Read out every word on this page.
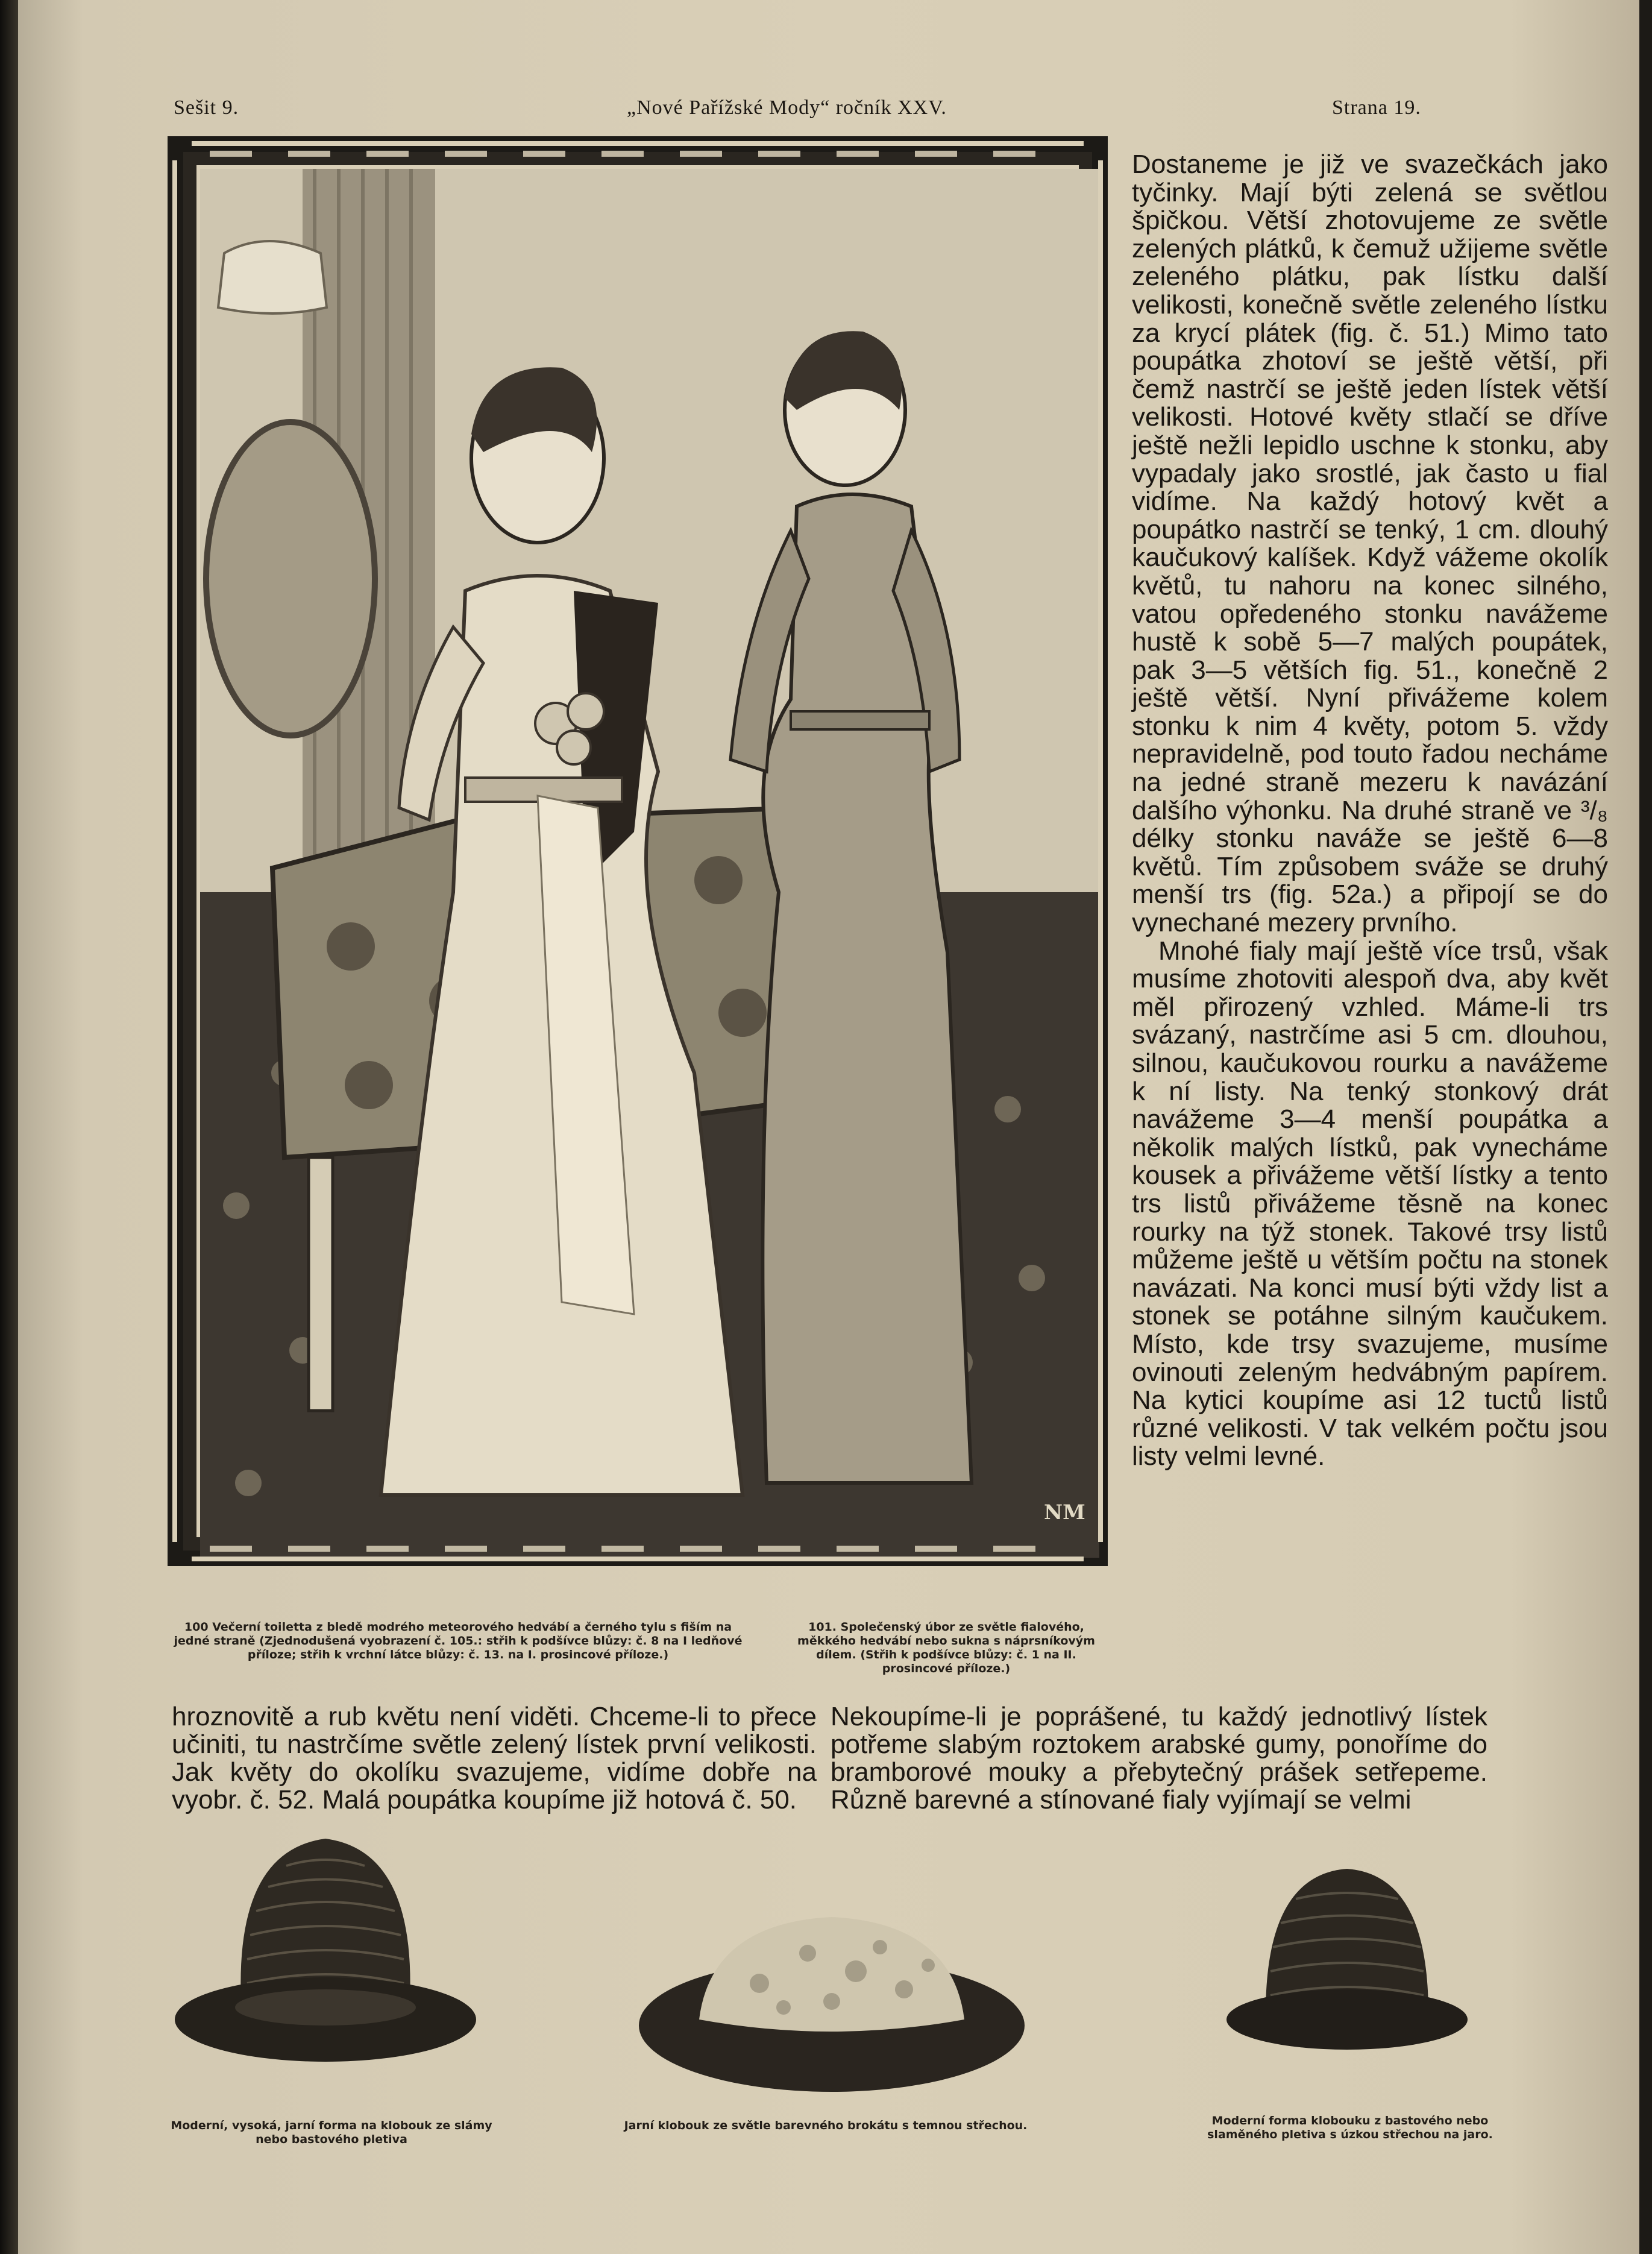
Sešit 9.	„Nové Pařížské Mody“ ročník XXV.	Strana 19.
NM

Dostaneme je již ve svazečkách jako tyčinky. Mají býti zelená se světlou špičkou. Větší zhotovujeme ze světle zelených plátků, k čemuž užijeme světle zeleného plátku, pak lístku další velikosti, konečně světle zeleného lístku za krycí plátek (fig. č. 51.) Mimo tato poupátka zhotoví se ještě větší, při čemž nastrčí se ještě jeden lístek větší velikosti. Hotové květy stlačí se dříve ještě nežli lepidlo uschne k stonku, aby vypadaly jako srostlé, jak často u fial vidíme. Na každý hotový květ a poupátko nastrčí se tenký, 1 cm. dlouhý kaučukový kalíšek. Když vážeme okolík květů, tu nahoru na konec silného, vatou opředeného stonku navážeme hustě k sobě 5—7 malých poupátek, pak 3—5 větších fig. 51., konečně 2 ještě větší. Nyní přivážeme kolem stonku k nim 4 květy, potom 5. vždy nepravidelně, pod touto řadou necháme na jedné straně mezeru k navázání dalšího výhonku. Na druhé straně ve ³/₈ délky stonku naváže se ještě 6—8 květů. Tím způsobem sváže se druhý menší trs (fig. 52a.) a připojí se do vynechané mezery prvního.

Mnohé fialy mají ještě více trsů, však musíme zhotoviti alespoň dva, aby květ měl přirozený vzhled. Máme-li trs svázaný, nastrčíme asi 5 cm. dlouhou, silnou, kaučukovou rourku a navážeme k ní listy. Na tenký stonkový drát navážeme 3—4 menší poupátka a několik malých lístků, pak vynecháme kousek a přivážeme větší lístky a tento trs listů přivážeme těsně na konec rourky na týž stonek. Takové trsy listů můžeme ještě u větším počtu na stonek navázati. Na konci musí býti vždy list a stonek se potáhne silným kaučukem. Místo, kde trsy svazujeme, musíme ovinouti zeleným hedvábným papírem. Na kytici koupíme asi 12 tuctů listů různé velikosti. V tak velkém počtu jsou listy velmi levné.

100 Večerní toiletta z bledě modrého meteorového hedvábí a černého tylu s fiším na jedné straně (Zjednodušená vyobrazení č. 105.: střih k podšívce blůzy: č. 8 na I ledňové příloze; střih k vrchní látce blůzy: č. 13. na I. prosincové příloze.)
101. Společenský úbor ze světle fialového, měkkého hedvábí nebo sukna s náprsníkovým dílem. (Střih k podšívce blůzy: č. 1 na II. prosincové příloze.)
hroznovitě a rub květu není viděti. Chceme-li to přece učiniti, tu nastrčíme světle zelený lístek první velikosti. Jak květy do okolíku svazujeme, vidíme dobře na vyobr. č. 52. Malá poupátka koupíme již hotová č. 50.
Nekoupíme-li je poprášené, tu každý jednotlivý lístek potřeme slabým roztokem arabské gumy, ponoříme do bramborové mouky a přebytečný prášek setřepeme. Různě barevné a stínované fialy vyjímají se velmi
Moderní, vysoká, jarní forma na klobouk ze slámy nebo bastového pletiva
Jarní klobouk ze světle barevného brokátu s temnou střechou.	Moderní forma klobouku z bastového nebo slaměného pletiva s úzkou střechou na jaro.
